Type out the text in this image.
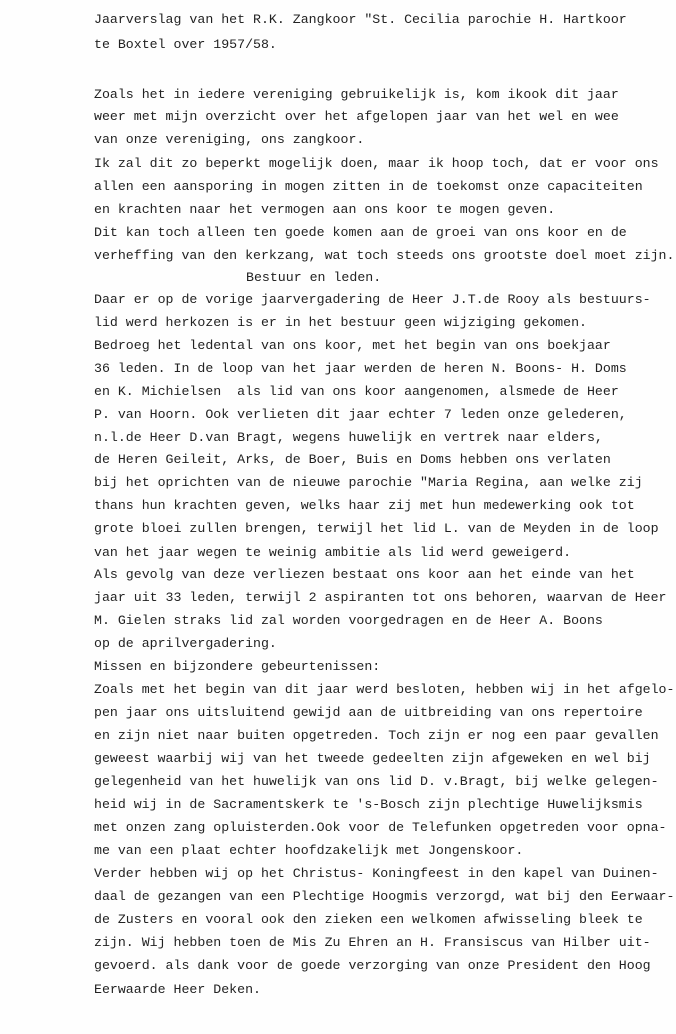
Jaarverslag van het R.K. Zangkoor "St. Cecilia parochie H. Hartkoor
te Boxtel over 1957/58.
Zoals het in iedere vereniging gebruikelijk is, kom ikook dit jaar
weer met mijn overzicht over het afgelopen jaar van het wel en wee
van onze vereniging, ons zangkoor.
Ik zal dit zo beperkt mogelijk doen, maar ik hoop toch, dat er voor ons
allen een aansporing in mogen zitten in de toekomst onze capaciteiten
en krachten naar het vermogen aan ons koor te mogen geven.
Dit kan toch alleen ten goede komen aan de groei van ons koor en de
verheffing van den kerkzang, wat toch steeds ons grootste doel moet zijn.
Bestuur en leden.
Daar er op de vorige jaarvergadering de Heer J.T.de Rooy als bestuurs-
lid werd herkozen is er in het bestuur geen wijziging gekomen.
Bedroeg het ledental van ons koor, met het begin van ons boekjaar
36 leden. In de loop van het jaar werden de heren N. Boons- H. Doms
en K. Michielsen  als lid van ons koor aangenomen, alsmede de Heer
P. van Hoorn. Ook verlieten dit jaar echter 7 leden onze gelederen,
n.l.de Heer D.van Bragt, wegens huwelijk en vertrek naar elders,
de Heren Geileit, Arks, de Boer, Buis en Doms hebben ons verlaten
bij het oprichten van de nieuwe parochie "Maria Regina, aan welke zij
thans hun krachten geven, welks haar zij met hun medewerking ook tot
grote bloei zullen brengen, terwijl het lid L. van de Meyden in de loop
van het jaar wegen te weinig ambitie als lid werd geweigerd.
Als gevolg van deze verliezen bestaat ons koor aan het einde van het
jaar uit 33 leden, terwijl 2 aspiranten tot ons behoren, waarvan de Heer
M. Gielen straks lid zal worden voorgedragen en de Heer A. Boons
op de aprilvergadering.
Missen en bijzondere gebeurtenissen:
Zoals met het begin van dit jaar werd besloten, hebben wij in het afgelo-
pen jaar ons uitsluitend gewijd aan de uitbreiding van ons repertoire
en zijn niet naar buiten opgetreden. Toch zijn er nog een paar gevallen
geweest waarbij wij van het tweede gedeelten zijn afgeweken en wel bij
gelegenheid van het huwelijk van ons lid D. v.Bragt, bij welke gelegen-
heid wij in de Sacramentskerk te 's-Bosch zijn plechtige Huwelijksmis
met onzen zang opluisterden.Ook voor de Telefunken opgetreden voor opna-
me van een plaat echter hoofdzakelijk met Jongenskoor.
Verder hebben wij op het Christus- Koningfeest in den kapel van Duinen-
daal de gezangen van een Plechtige Hoogmis verzorgd, wat bij den Eerwaar-
de Zusters en vooral ook den zieken een welkomen afwisseling bleek te
zijn. Wij hebben toen de Mis Zu Ehren an H. Fransiscus van Hilber uit-
gevoerd. als dank voor de goede verzorging van onze President den Hoog
Eerwaarde Heer Deken.
